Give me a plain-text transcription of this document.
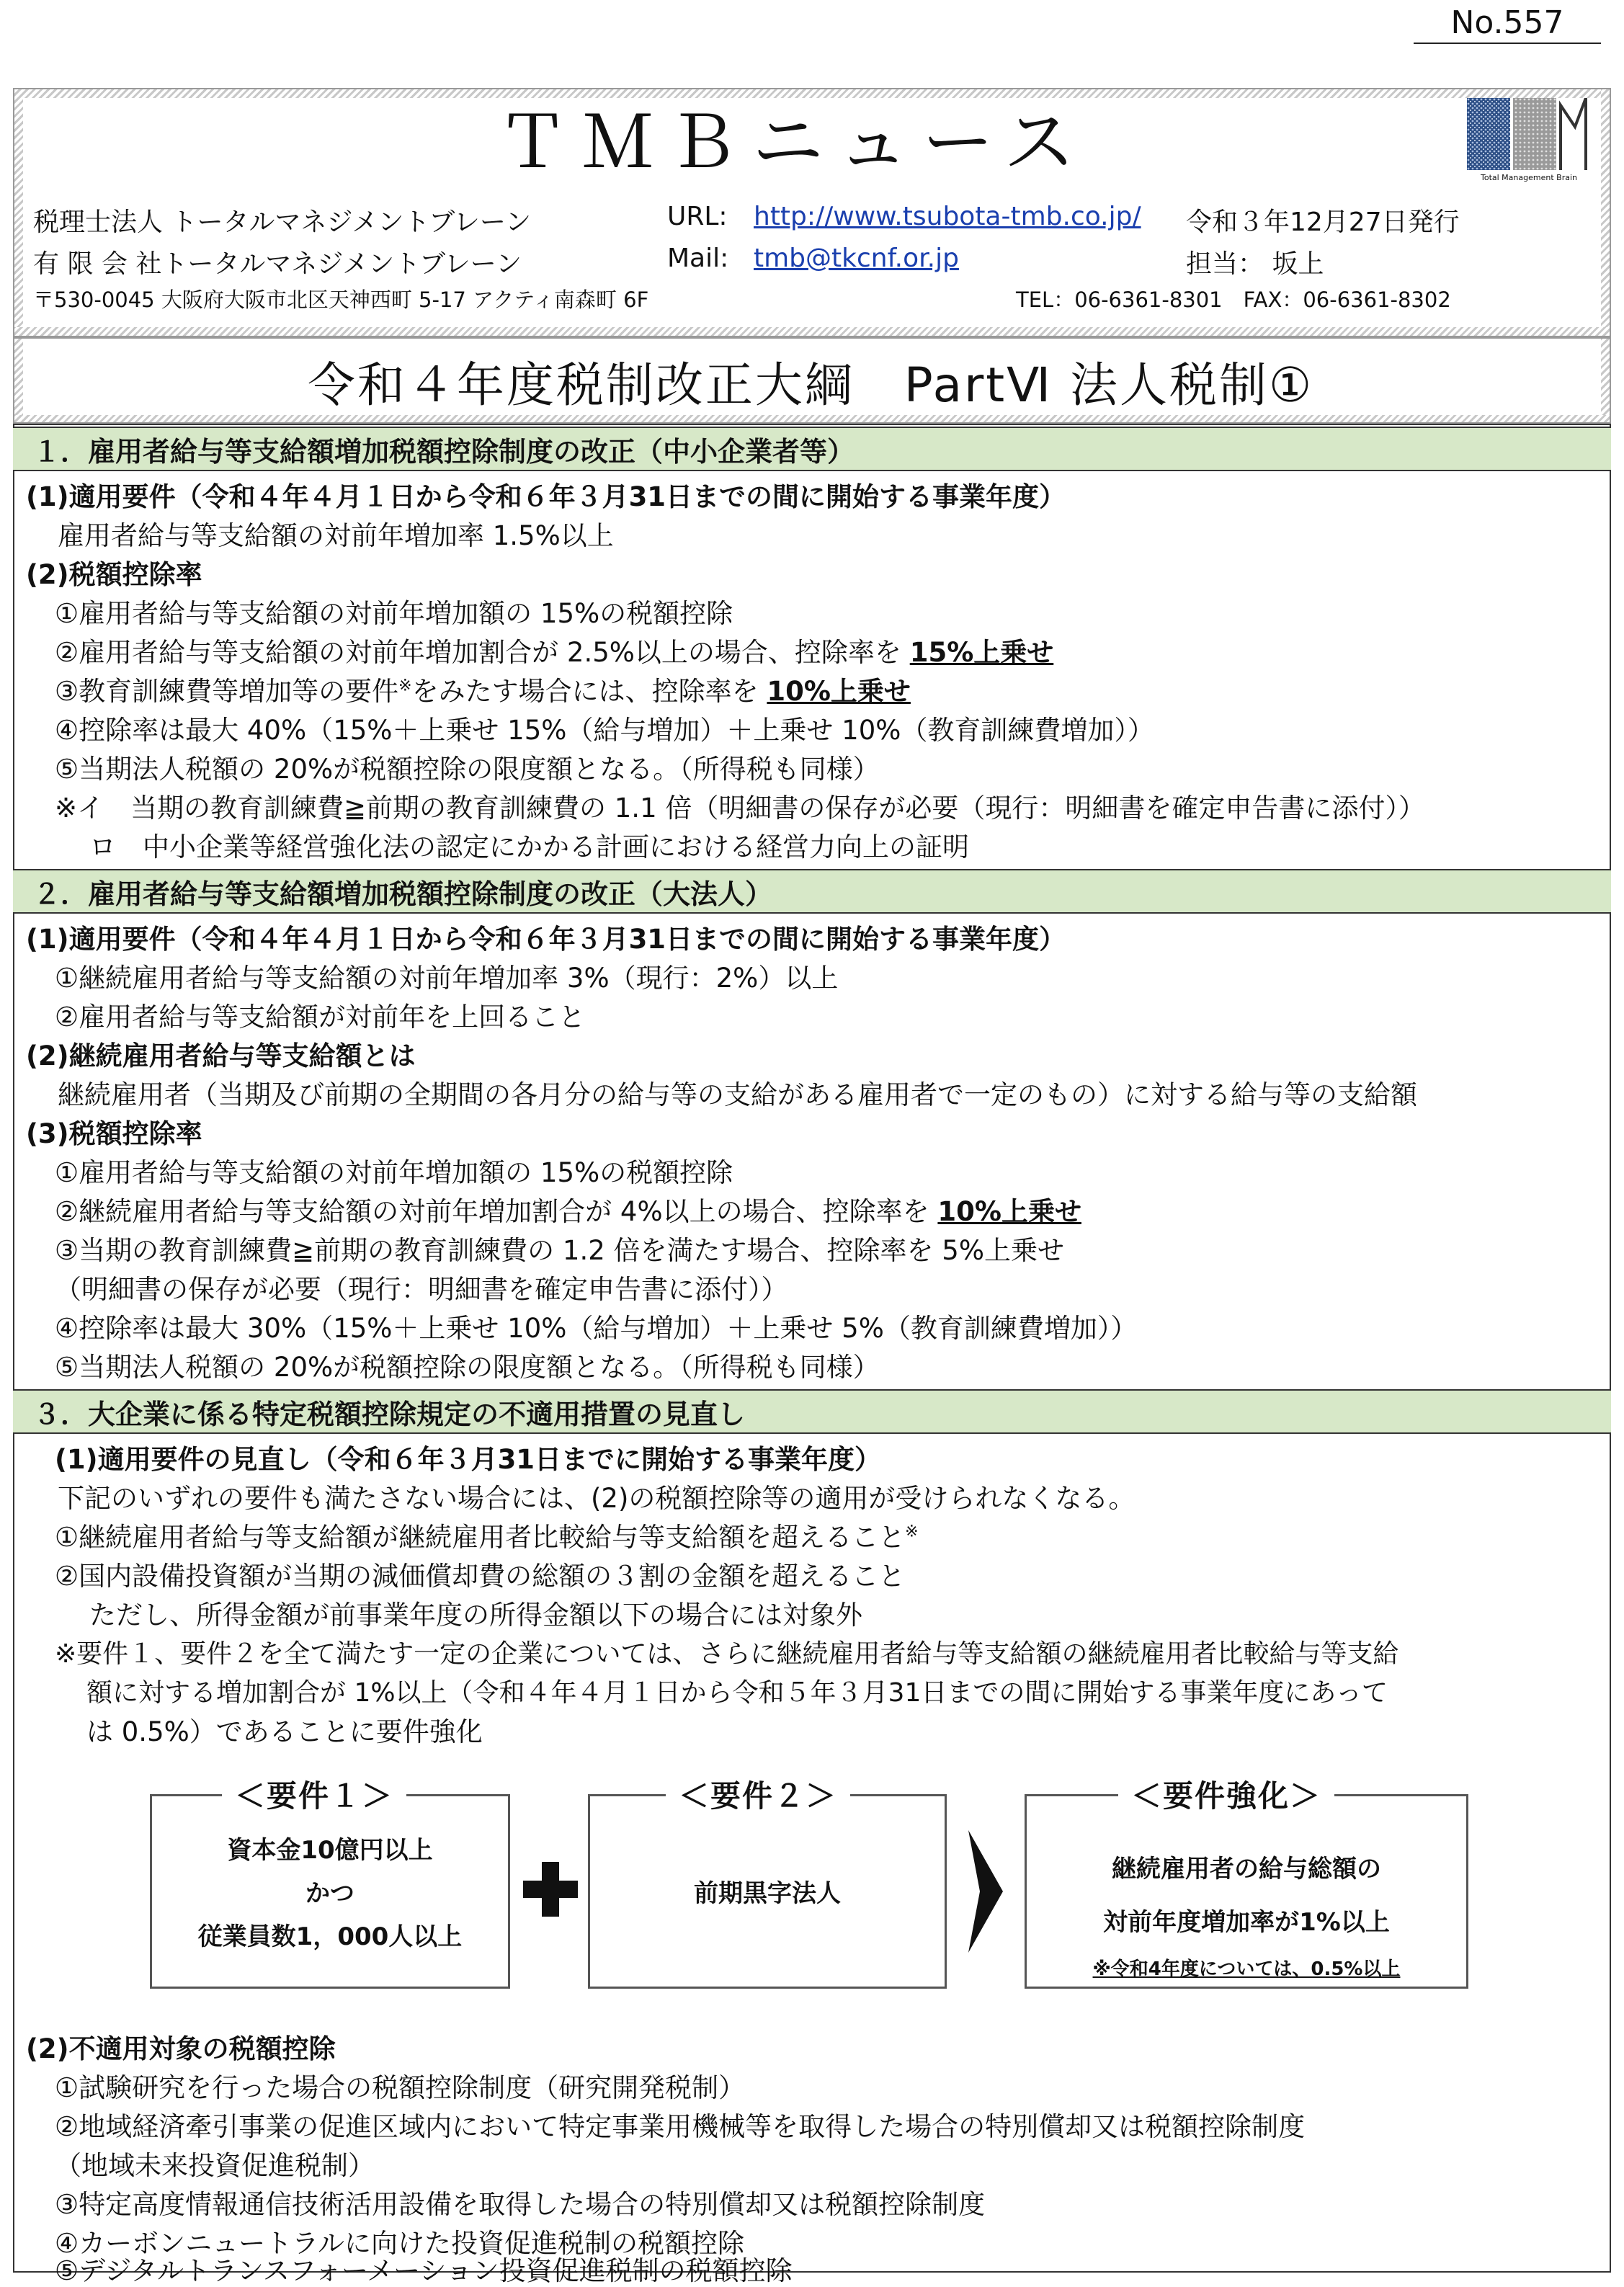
No.557
ＴＭＢニュース	Total Management Brain
税理士法人 トータルマネジメントブレーン	URL: http://www.tsubota-tmb.co.jp/ 令和３年12月27日発行
有 限 会 社トータルマネジメントブレーン	Mail: tmb@tkcnf.or.jp	担当： 坂上
〒530-0045 大阪府大阪市北区天神西町 5-17 アクティ南森町 6F	TEL：06-6361-8301　FAX：06-6361-8302
令和４年度税制改正大綱　PartⅥ 法人税制①
１．雇用者給与等支給額増加税額控除制度の改正（中小企業者等）
(1)適用要件（令和４年４月１日から令和６年３月31日までの間に開始する事業年度）
雇用者給与等支給額の対前年増加率 1.5%以上
(2)税額控除率
①雇用者給与等支給額の対前年増加額の 15%の税額控除
②雇用者給与等支給額の対前年増加割合が 2.5%以上の場合、控除率を 15%上乗せ
③教育訓練費等増加等の要件※をみたす場合には、控除率を 10%上乗せ
④控除率は最大 40%（15%＋上乗せ 15%（給与増加）＋上乗せ 10%（教育訓練費増加））
⑤当期法人税額の 20%が税額控除の限度額となる。（所得税も同様）
※イ　当期の教育訓練費≧前期の教育訓練費の 1.1 倍（明細書の保存が必要（現行：明細書を確定申告書に添付））
ロ　中小企業等経営強化法の認定にかかる計画における経営力向上の証明
２．雇用者給与等支給額増加税額控除制度の改正（大法人）
(1)適用要件（令和４年４月１日から令和６年３月31日までの間に開始する事業年度）
①継続雇用者給与等支給額の対前年増加率 3%（現行：2%）以上
②雇用者給与等支給額が対前年を上回ること
(2)継続雇用者給与等支給額とは
継続雇用者（当期及び前期の全期間の各月分の給与等の支給がある雇用者で一定のもの）に対する給与等の支給額
(3)税額控除率
①雇用者給与等支給額の対前年増加額の 15%の税額控除
②継続雇用者給与等支給額の対前年増加割合が 4%以上の場合、控除率を 10%上乗せ
③当期の教育訓練費≧前期の教育訓練費の 1.2 倍を満たす場合、控除率を 5%上乗せ
（明細書の保存が必要（現行：明細書を確定申告書に添付））
④控除率は最大 30%（15%＋上乗せ 10%（給与増加）＋上乗せ 5%（教育訓練費増加））
⑤当期法人税額の 20%が税額控除の限度額となる。（所得税も同様）
３．大企業に係る特定税額控除規定の不適用措置の見直し
(1)適用要件の見直し（令和６年３月31日までに開始する事業年度）
下記のいずれの要件も満たさない場合には、(2)の税額控除等の適用が受けられなくなる。
①継続雇用者給与等支給額が継続雇用者比較給与等支給額を超えること※
②国内設備投資額が当期の減価償却費の総額の３割の金額を超えること
ただし、所得金額が前事業年度の所得金額以下の場合には対象外
※要件１、要件２を全て満たす一定の企業については、さらに継続雇用者給与等支給額の継続雇用者比較給与等支給
額に対する増加割合が 1%以上（令和４年４月１日から令和５年３月31日までの間に開始する事業年度にあって
は 0.5%）であることに要件強化
＜要件１＞
資本金10億円以上
かつ
従業員数1，000人以上
＜要件２＞
前期黒字法人
＜要件強化＞
継続雇用者の給与総額の
対前年度増加率が1%以上
※令和4年度については、0.5%以上
(2)不適用対象の税額控除
①試験研究を行った場合の税額控除制度（研究開発税制）
②地域経済牽引事業の促進区域内において特定事業用機械等を取得した場合の特別償却又は税額控除制度
（地域未来投資促進税制）
③特定高度情報通信技術活用設備を取得した場合の特別償却又は税額控除制度
④カーボンニュートラルに向けた投資促進税制の税額控除
⑤デジタルトランスフォーメーション投資促進税制の税額控除
